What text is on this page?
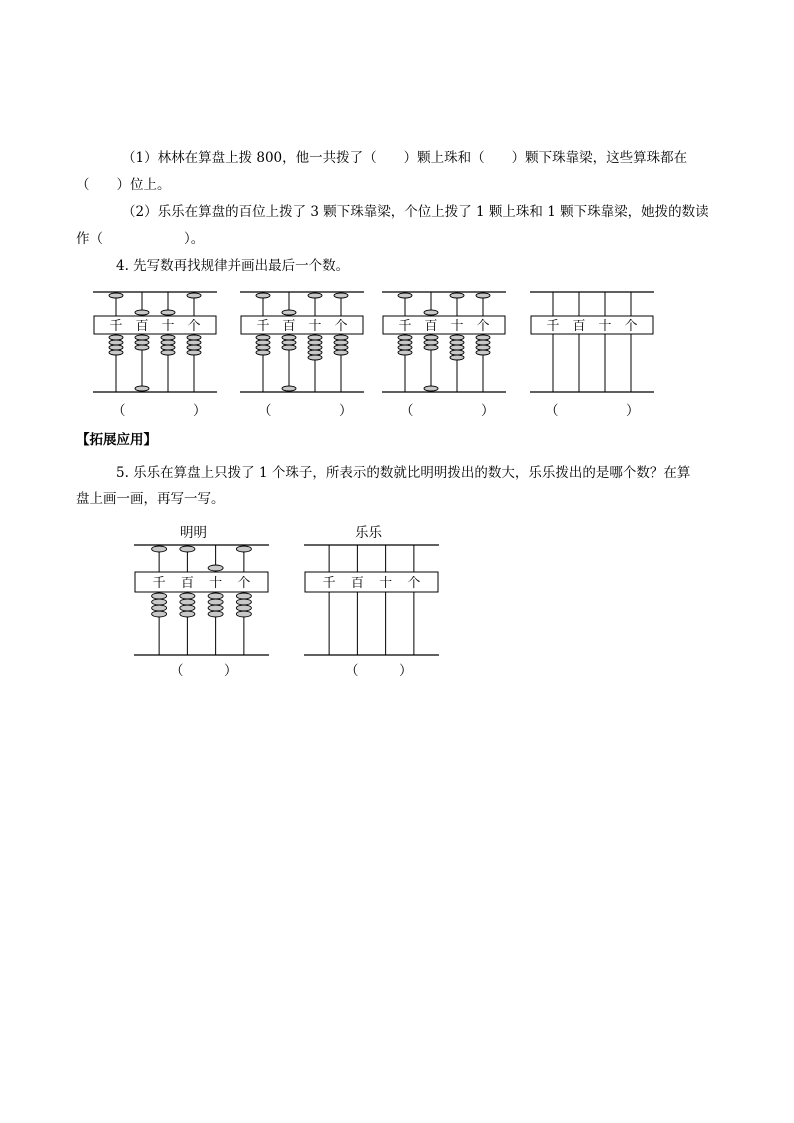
（1）林林在算盘上拨 800，他一共拨了（　　）颗上珠和（　　）颗下珠靠梁，这些算珠都在
（　　）位上。
（2）乐乐在算盘的百位上拨了 3 颗下珠靠梁，个位上拨了 1 颗上珠和 1 颗下珠靠梁，她拨的数读
作（　　　　　　）。
4. 先写数再找规律并画出最后一个数。
千 百 十 个	千 百 十 个	千 百 十 个	千 百 十 个
（　　　　　）	（　　　　　）	（　　　　　）	（　　　　　）
【拓展应用】
5. 乐乐在算盘上只拨了 1 个珠子，所表示的数就比明明拨出的数大，乐乐拨出的是哪个数？在算
盘上画一画，再写一写。
明明	乐乐
千 百 十 个	千 百 十 个
（　　　）	（　　　）
